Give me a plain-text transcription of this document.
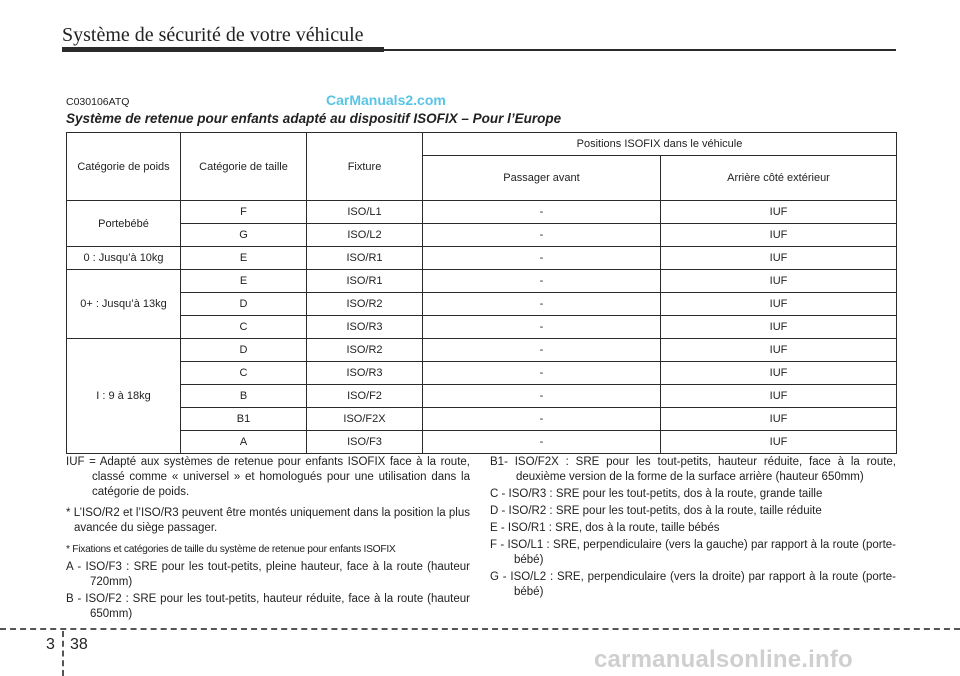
Système de sécurité de votre véhicule
C030106ATQ	CarManuals2.com
Système de retenue pour enfants adapté au dispositif ISOFIX – Pour l’Europe
Catégorie de poids	Catégorie de taille	Fixture	Positions ISOFIX dans le véhicule	
			Passager avant	Arrière côté extérieur
Portebébé	F	ISO/L1	-	IUF
	G	ISO/L2	-	IUF
0 : Jusqu’à 10kg	E	ISO/R1	-	IUF
0+ : Jusqu’à 13kg	E	ISO/R1	-	IUF
	D	ISO/R2	-	IUF
	C	ISO/R3	-	IUF
I : 9 à 18kg	D	ISO/R2	-	IUF
	C	ISO/R3	-	IUF
	B	ISO/F2	-	IUF
	B1	ISO/F2X	-	IUF
	A	ISO/F3	-	IUF
IUF = Adapté aux systèmes de retenue pour enfants ISOFIX face à la route, classé comme « universel » et homologués pour une utilisation dans la catégorie de poids.
* L’ISO/R2 et l’ISO/R3 peuvent être montés uniquement dans la position la plus avancée du siège passager.
* Fixations et catégories de taille du système de retenue pour enfants ISOFIX
A - ISO/F3 : SRE pour les tout-petits, pleine hauteur, face à la route (hauteur 720mm)
B - ISO/F2 : SRE pour les tout-petits, hauteur réduite, face à la route (hauteur 650mm)
B1- ISO/F2X : SRE pour les tout-petits, hauteur réduite, face à la route, deuxième version de la forme de la surface arrière (hauteur 650mm)
C - ISO/R3 : SRE pour les tout-petits, dos à la route, grande taille
D - ISO/R2 : SRE pour les tout-petits, dos à la route, taille réduite
E - ISO/R1 : SRE, dos à la route, taille bébés
F - ISO/L1 : SRE, perpendiculaire (vers la gauche) par rapport à la route (porte-bébé)
G - ISO/L2 : SRE, perpendiculaire (vers la droite) par rapport à la route (porte-bébé)
3 38
carmanualsonline.info
